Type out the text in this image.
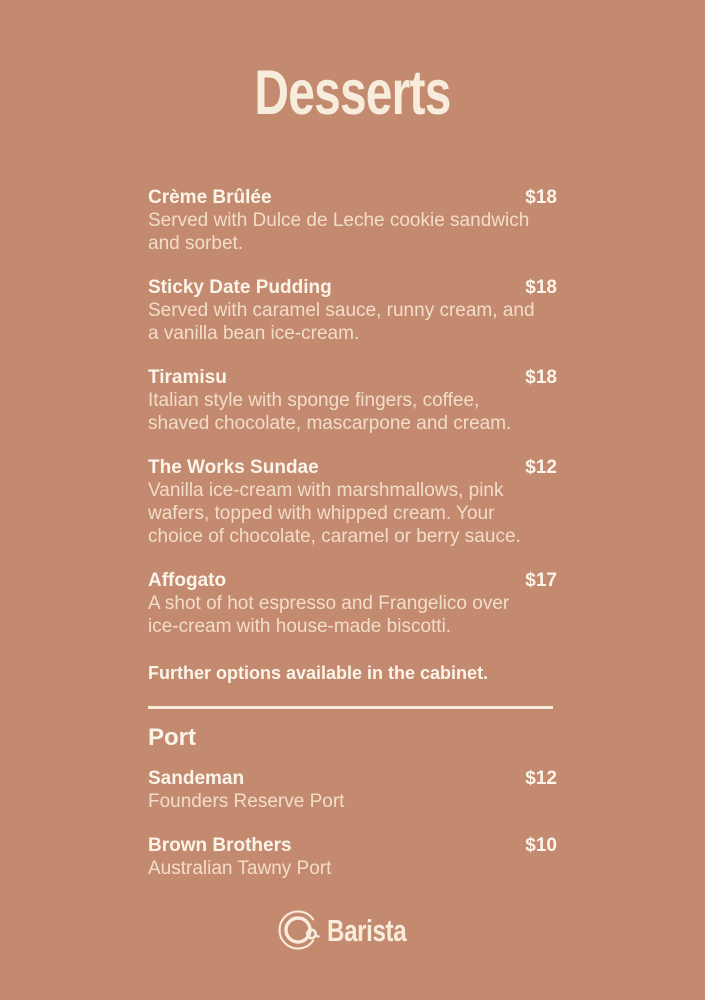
Desserts
Crème Brûlée	$18
Served with Dulce de Leche cookie sandwich and sorbet.
Sticky Date Pudding	$18
Served with caramel sauce, runny cream, and a vanilla bean ice-cream.
Tiramisu	$18
Italian style with sponge fingers, coffee, shaved chocolate, mascarpone and cream.
The Works Sundae	$12
Vanilla ice-cream with marshmallows, pink wafers, topped with whipped cream. Your choice of chocolate, caramel or berry sauce.
Affogato	$17
A shot of hot espresso and Frangelico over ice-cream with house-made biscotti.
Further options available in the cabinet.
Port
Sandeman	$12
Founders Reserve Port
Brown Brothers	$10
Australian Tawny Port
Barista
